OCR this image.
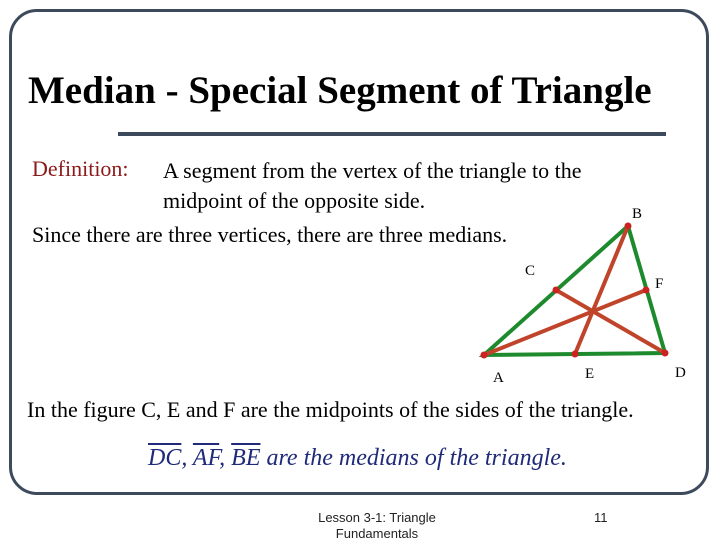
Median - Special Segment of Triangle
Definition: A segment from the vertex of the triangle to the midpoint of the opposite side.
Since there are three vertices, there are three medians.
B
C
F
A	E	D
In the figure C, E and F are the midpoints of the sides of the triangle.
$\overline{DC}$, $\overline{AF}$, $\overline{BE}$ are the medians of the triangle.
Lesson 3-1: Triangle Fundamentals
11
